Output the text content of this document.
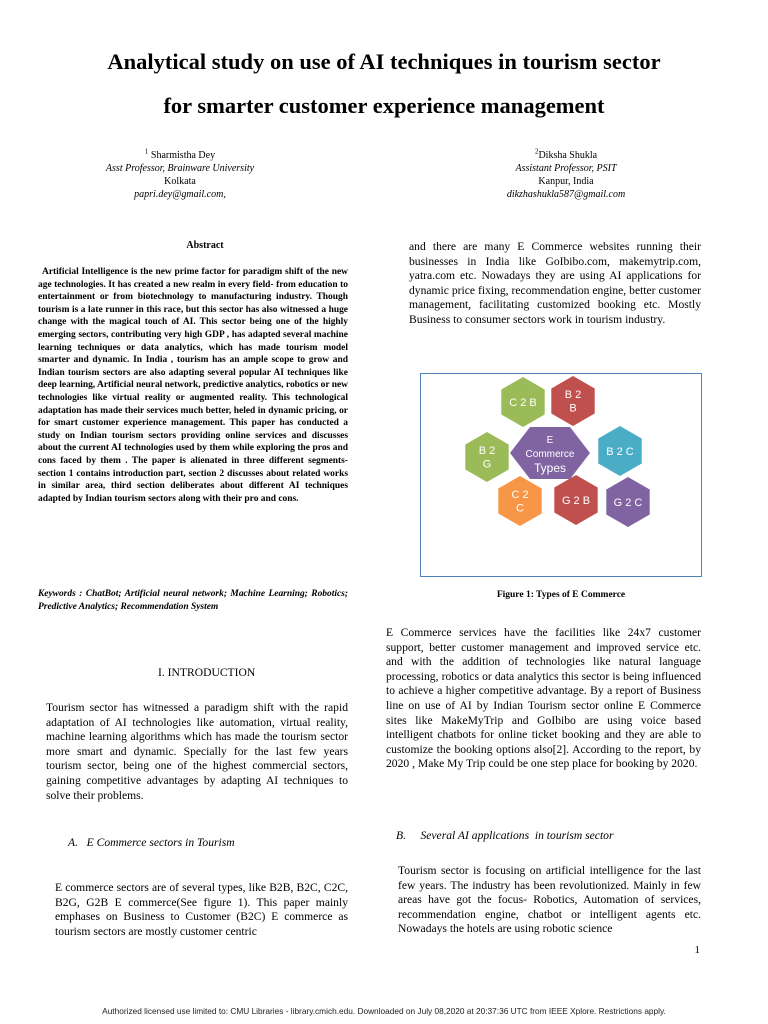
Analytical study on use of AI techniques in tourism sector
for smarter customer experience management
$^1$ Sharmistha Dey
Asst Professor, Brainware University
Kolkata
papri.dey@gmail.com,
$^2$Diksha Shukla
Assistant Professor, PSIT
Kanpur, India
dikzhashukla587@gmail.com
Abstract
Artificial Intelligence is the new prime factor for paradigm shift of the new age technologies. It has created a new realm in every field- from education to entertainment or from biotechnology to manufacturing industry. Though tourism is a late runner in this race, but this sector has also witnessed a huge change with the magical touch of AI. This sector being one of the highly emerging sectors, contributing very high GDP , has adapted several machine learning techniques or data analytics, which has made tourism model smarter and dynamic. In India , tourism has an ample scope to grow and Indian tourism sectors are also adapting several popular AI techniques like deep learning, Artificial neural network, predictive analytics, robotics or new technologies like virtual reality or augmented reality. This technological adaptation has made their services much better, heled in dynamic pricing, or for smart customer experience management. This paper has conducted a study on Indian tourism sectors providing online services and discusses about the current AI technologies used by them while exploring the pros and cons faced by them . The paper is alienated in three different segments- section 1 contains introduction part, section 2 discusses about related works in similar area, third section deliberates about different AI techniques adapted by Indian tourism sectors along with their pro and cons.
Keywords : ChatBot; Artificial neural network; Machine Learning; Robotics; Predictive Analytics; Recommendation System
I. INTRODUCTION
Tourism sector has witnessed a paradigm shift with the rapid adaptation of AI technologies like automation, virtual reality, machine learning algorithms which has made the tourism sector more smart and dynamic. Specially for the last few years tourism sector, being one of the highest commercial sectors, gaining competitive advantages by adapting AI techniques to solve their problems.
A.   E Commerce sectors in Tourism
E commerce sectors are of several types, like B2B, B2C, C2C, B2G, G2B E commerce(See figure 1). This paper mainly emphases on Business to Customer (B2C) E commerce as tourism sectors are mostly customer centric
and there are many E Commerce websites running their businesses in India like GoIbibo.com, makemytrip.com, yatra.com etc. Nowadays they are using AI applications for dynamic price fixing, recommendation engine, better customer management, facilitating customized booking etc. Mostly Business to consumer sectors work in tourism industry.
C 2 B
B 2
B
B 2
G
B 2 C
C 2
C
G 2 B G 2 C
E
Commerce
Types
Figure 1: Types of E Commerce
E Commerce services have the facilities like 24x7 customer support, better customer management and improved service etc. and with the addition of technologies like natural language processing, robotics or data analytics this sector is being influenced to achieve a higher competitive advantage. By a report of Business line on use of AI by Indian Tourism sector online E Commerce sites like MakeMyTrip and GoIbibo are using voice based intelligent chatbots for online ticket booking and they are able to customize the booking options also[2]. According to the report, by 2020 , Make My Trip could be one step place for booking by 2020.
B.     Several AI applications  in tourism sector
Tourism sector is focusing on artificial intelligence for the last few years. The industry has been revolutionized. Mainly in few areas have got the focus- Robotics, Automation of services, recommendation engine, chatbot or intelligent agents etc. Nowadays the hotels are using robotic science
1
Authorized licensed use limited to: CMU Libraries - library.cmich.edu. Downloaded on July 08,2020 at 20:37:36 UTC from IEEE Xplore. Restrictions apply.
